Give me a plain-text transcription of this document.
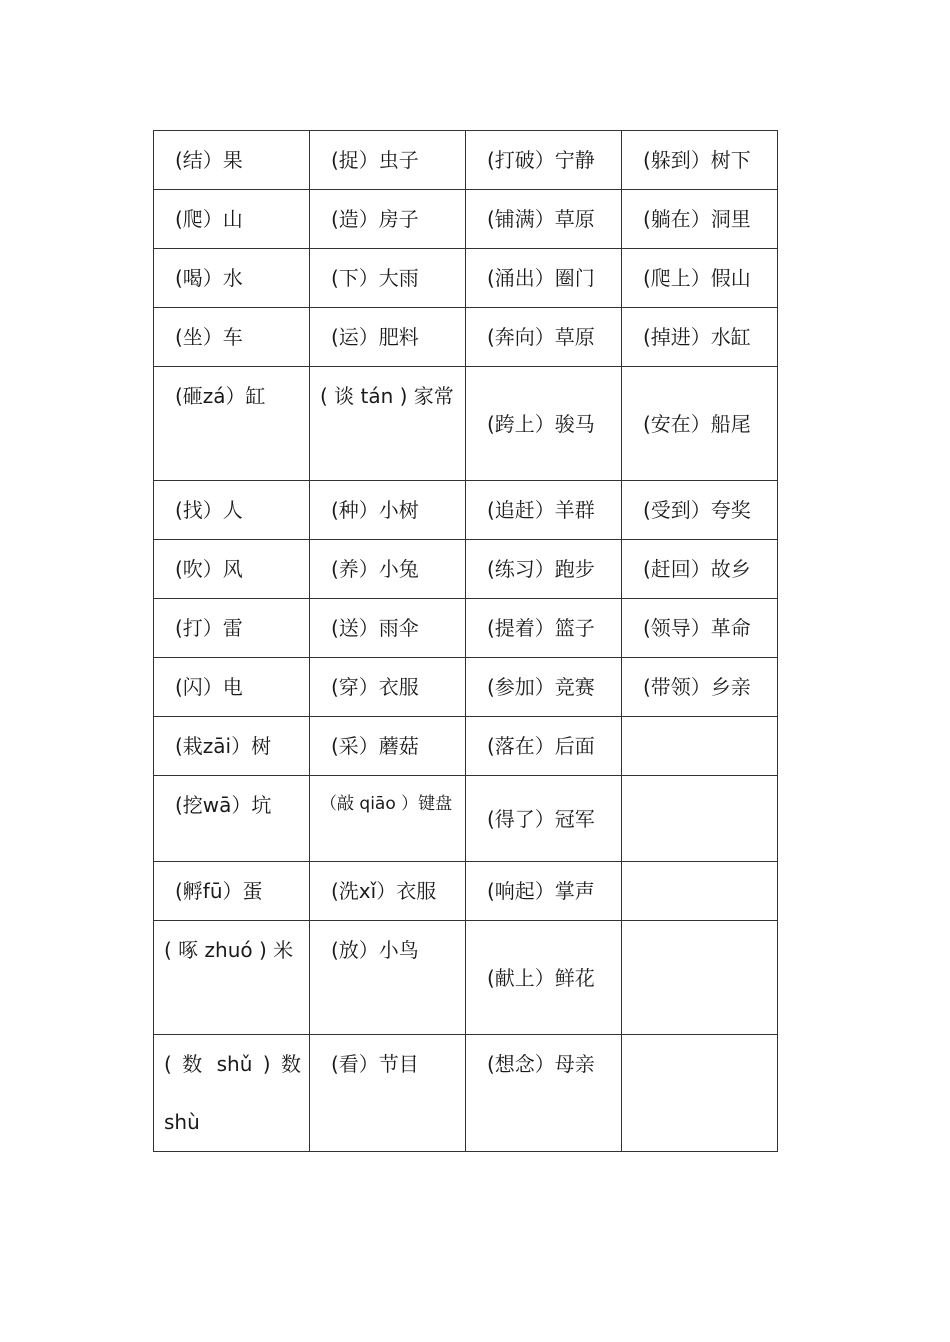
(结）果	(捉）虫子	(打破）宁静	(躲到）树下
(爬）山	(造）房子	(铺满）草原	(躺在）洞里
(喝）水	(下）大雨	(涌出）圈门	(爬上）假山
(坐）车	(运）肥料	(奔向）草原	(掉进）水缸
(砸zá）缸	( 谈 tán ) 家常	(跨上）骏马	(安在）船尾
(找）人	(种）小树	(追赶）羊群	(受到）夸奖
(吹）风	(养）小兔	(练习）跑步	(赶回）故乡
(打）雷	(送）雨伞	(提着）篮子	(领导）革命
(闪）电	(穿）衣服	(参加）竞赛	(带领）乡亲
(栽zāi）树	(采）蘑菇	(落在）后面	
(挖wā）坑	（敲 qiāo ）键盘	(得了）冠军	
(孵fū）蛋	(洗xǐ）衣服	(响起）掌声	
( 啄 zhuó ) 米	(放）小鸟	(献上）鲜花	
( 数 shǔ ) 数 shù	(看）节目	(想念）母亲	
